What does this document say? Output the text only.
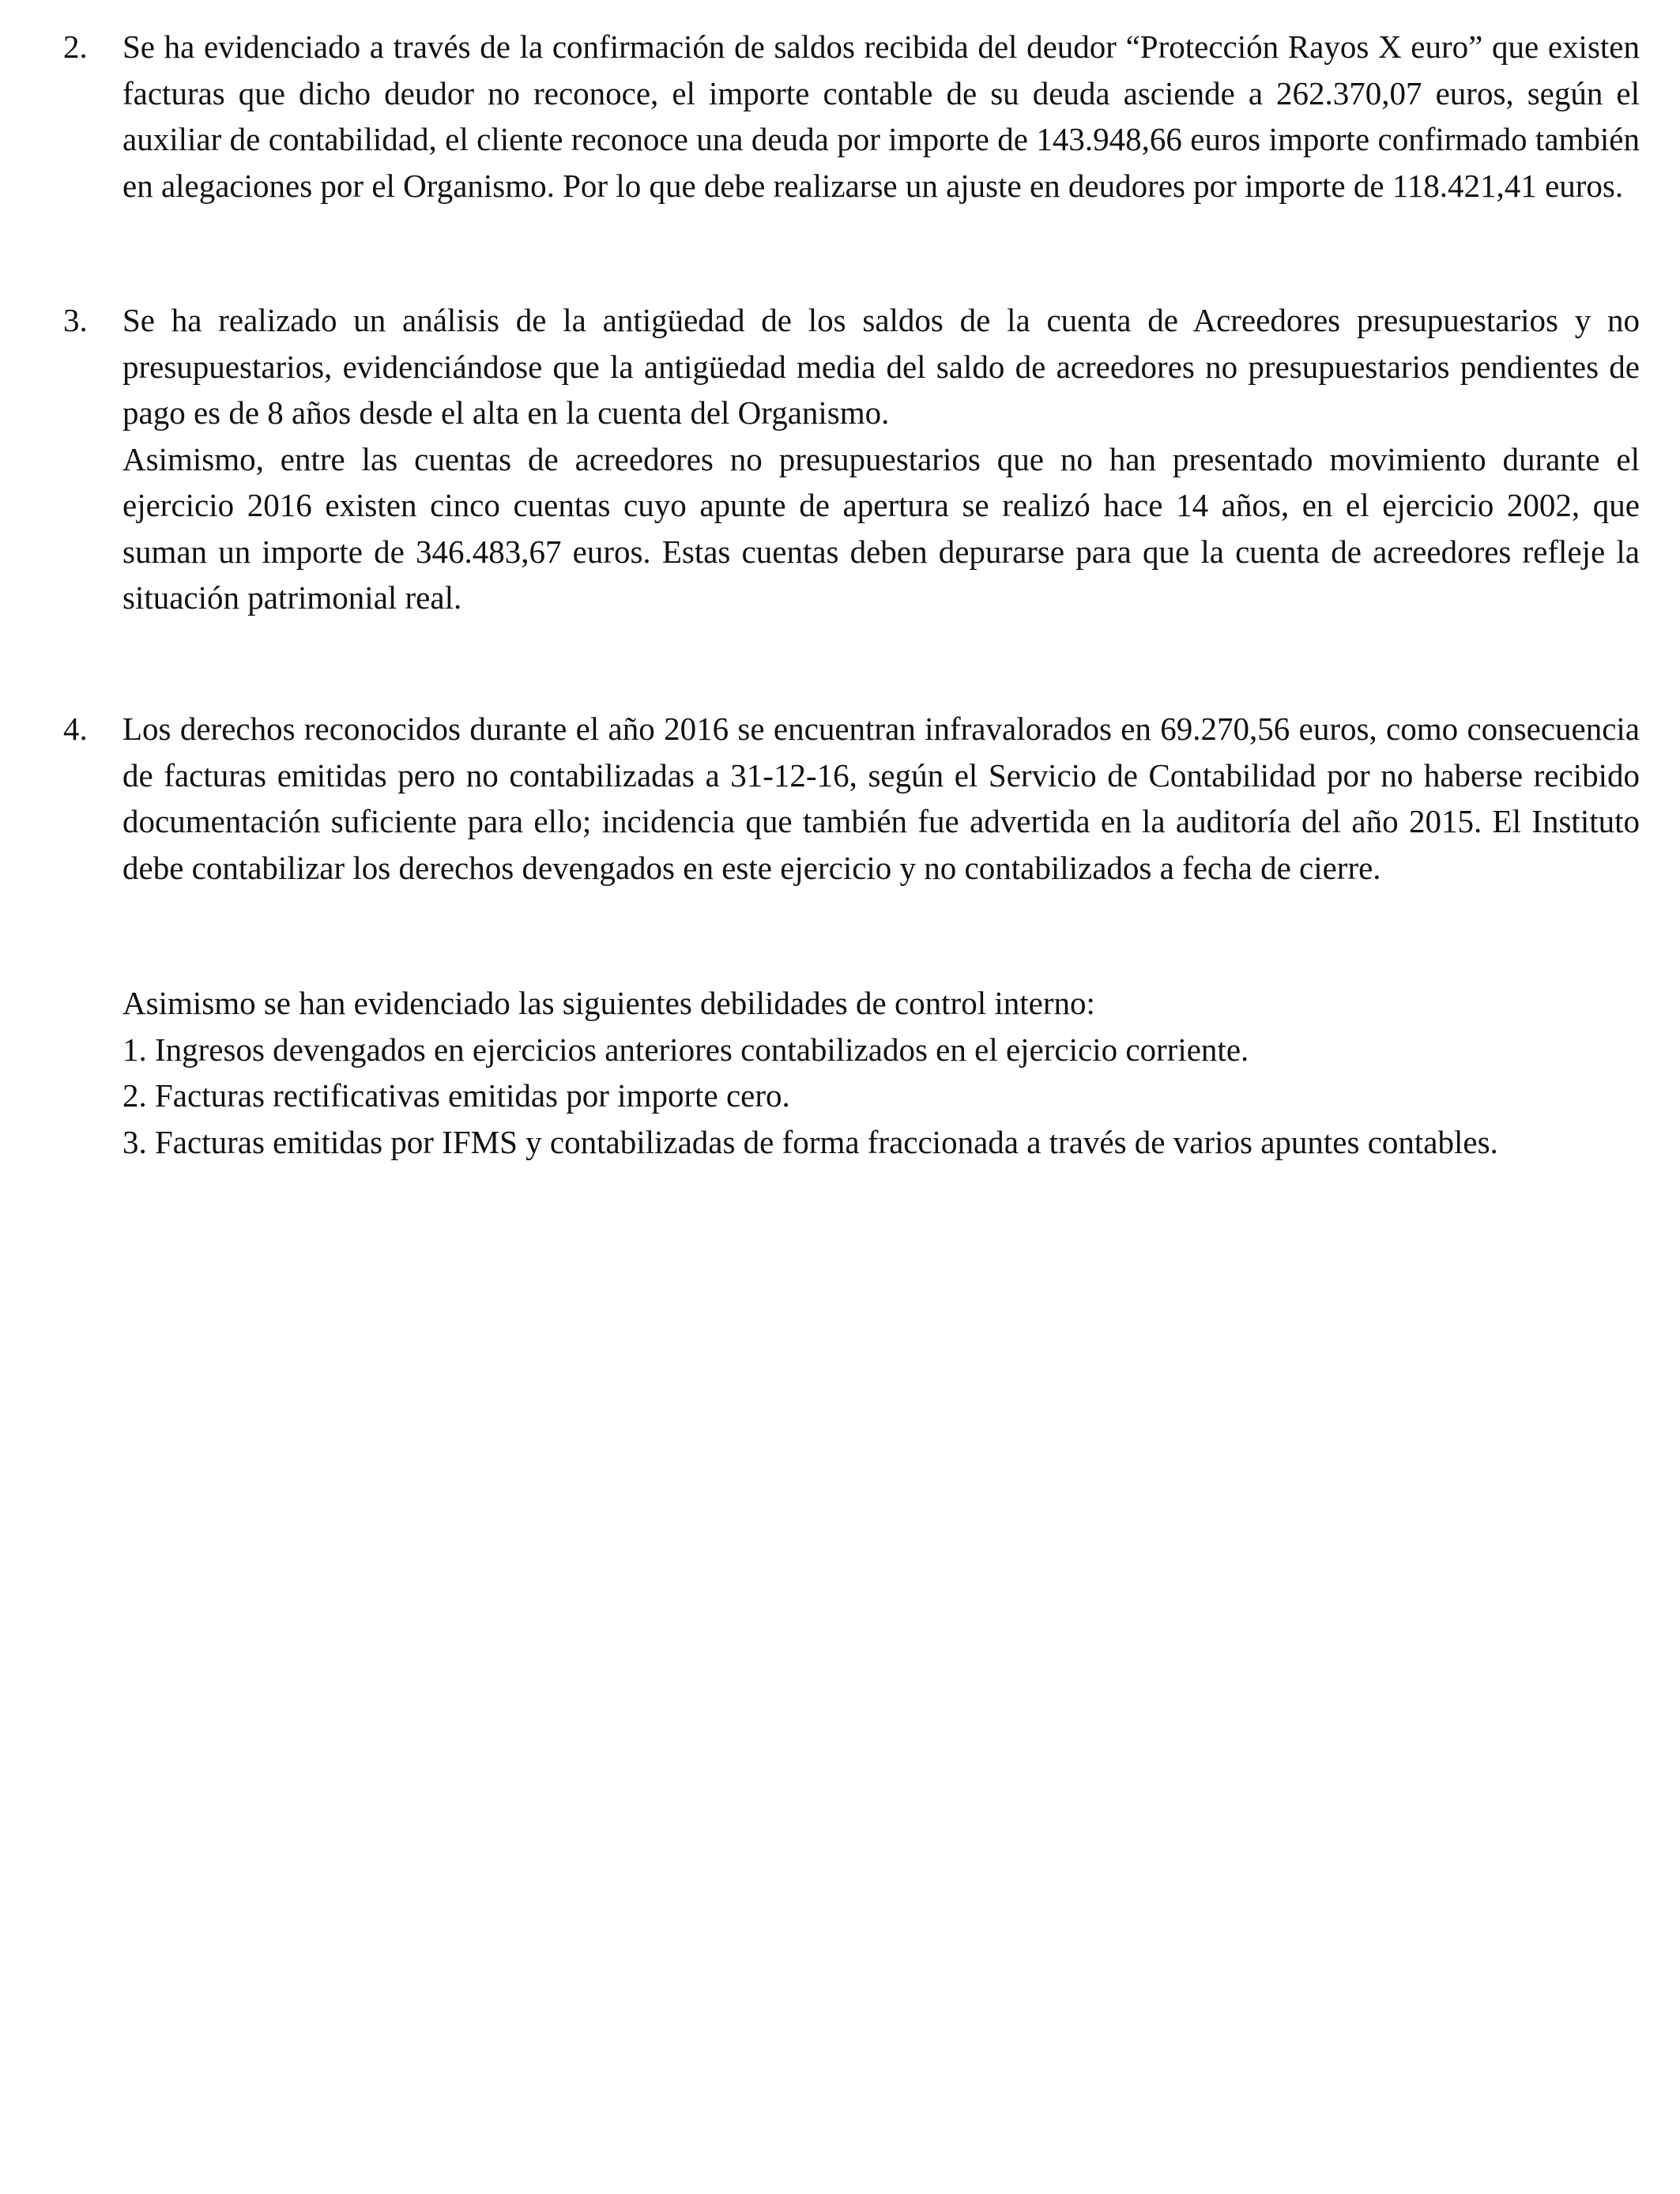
2.	Se ha evidenciado a través de la confirmación de saldos recibida del deudor “Protección Rayos X euro” que existen facturas que dicho deudor no reconoce, el importe contable de su deuda asciende a 262.370,07 euros, según el auxiliar de contabilidad, el cliente reconoce una deuda por importe de 143.948,66 euros importe confirmado también en alegaciones por el Organismo. Por lo que debe realizarse un ajuste en deudores por importe de 118.421,41 euros.

3.	Se ha realizado un análisis de la antigüedad de los saldos de la cuenta de Acreedores presupuestarios y no presupuestarios, evidenciándose que la antigüedad media del saldo de acreedores no presupuestarios pendientes de pago es de 8 años desde el alta en la cuenta del Organismo.

Asimismo, entre las cuentas de acreedores no presupuestarios que no han presentado movimiento durante el ejercicio 2016 existen cinco cuentas cuyo apunte de apertura se realizó hace 14 años, en el ejercicio 2002, que suman un importe de 346.483,67 euros. Estas cuentas deben depurarse para que la cuenta de acreedores refleje la situación patrimonial real.

4.	Los derechos reconocidos durante el año 2016 se encuentran infravalorados en 69.270,56 euros, como consecuencia de facturas emitidas pero no contabilizadas a 31-12-16, según el Servicio de Contabilidad por no haberse recibido documentación suficiente para ello; incidencia que también fue advertida en la auditoría del año 2015. El Instituto debe contabilizar los derechos devengados en este ejercicio y no contabilizados a fecha de cierre.

Asimismo se han evidenciado las siguientes debilidades de control interno:

1. Ingresos devengados en ejercicios anteriores contabilizados en el ejercicio corriente.

2. Facturas rectificativas emitidas por importe cero.

3. Facturas emitidas por IFMS y contabilizadas de forma fraccionada a través de varios apuntes contables.
